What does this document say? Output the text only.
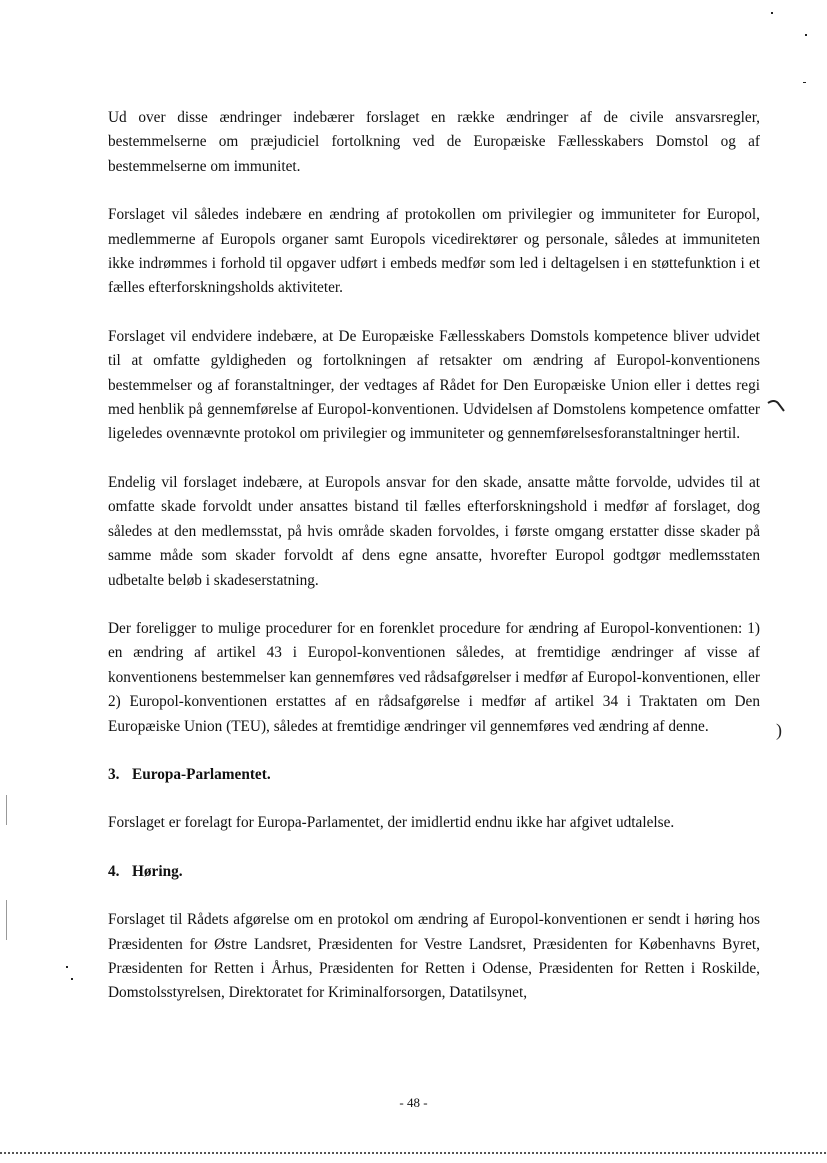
Ud over disse ændringer indebærer forslaget en række ændringer af de civile ansvarsregler, bestemmelserne om præjudiciel fortolkning ved de Europæiske Fællesskabers Domstol og af bestemmelserne om immunitet.

Forslaget vil således indebære en ændring af protokollen om privilegier og immuniteter for Europol, medlemmerne af Europols organer samt Europols vicedirektører og personale, således at immuniteten ikke indrømmes i forhold til opgaver udført i embeds medfør som led i deltagelsen i en støttefunktion i et fælles efterforskningsholds aktiviteter.

Forslaget vil endvidere indebære, at De Europæiske Fællesskabers Domstols kompetence bliver udvidet til at omfatte gyldigheden og fortolkningen af retsakter om ændring af Europol-konventionens bestemmelser og af foranstaltninger, der vedtages af Rådet for Den Europæiske Union eller i dettes regi med henblik på gennemførelse af Europol-konventionen. Udvidelsen af Domstolens kompetence omfatter ligeledes ovennævnte protokol om privilegier og immuniteter og gennemførelsesforanstaltninger hertil.

Endelig vil forslaget indebære, at Europols ansvar for den skade, ansatte måtte forvolde, udvides til at omfatte skade forvoldt under ansattes bistand til fælles efterforskningshold i medfør af forslaget, dog således at den medlemsstat, på hvis område skaden forvoldes, i første omgang erstatter disse skader på samme måde som skader forvoldt af dens egne ansatte, hvorefter Europol godtgør medlemsstaten udbetalte beløb i skadeserstatning.

Der foreligger to mulige procedurer for en forenklet procedure for ændring af Europol-konventionen: 1) en ændring af artikel 43 i Europol-konventionen således, at fremtidige ændringer af visse af konventionens bestemmelser kan gennemføres ved rådsafgørelser i medfør af Europol-konventionen, eller 2) Europol-konventionen erstattes af en rådsafgørelse i medfør af artikel 34 i Traktaten om Den Europæiske Union (TEU), således at fremtidige ændringer vil gennemføres ved ændring af denne.

3. Europa-Parlamentet.

Forslaget er forelagt for Europa-Parlamentet, der imidlertid endnu ikke har afgivet udtalelse.

4. Høring.

Forslaget til Rådets afgørelse om en protokol om ændring af Europol-konventionen er sendt i høring hos Præsidenten for Østre Landsret, Præsidenten for Vestre Landsret, Præsidenten for Københavns Byret, Præsidenten for Retten i Århus, Præsidenten for Retten i Odense, Præsidenten for Retten i Roskilde, Domstolsstyrelsen, Direktoratet for Kriminalforsorgen, Datatilsynet,

- 48 -
)
